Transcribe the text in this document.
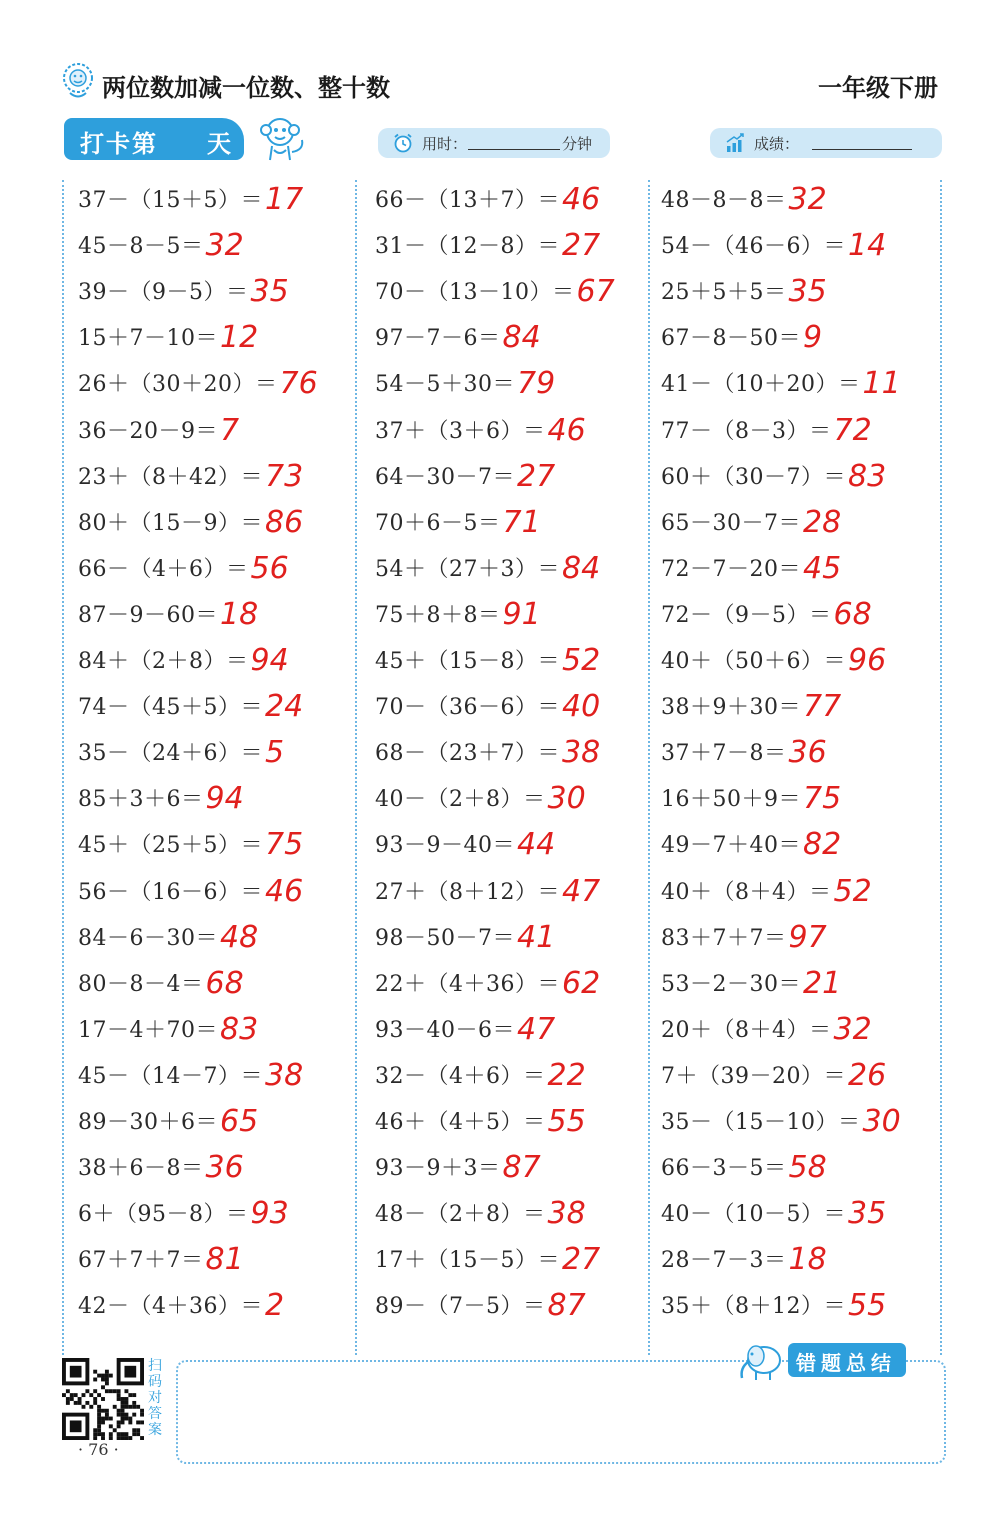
两位数加减一位数、整十数	一年级下册
打卡第 天	用时：	分钟	成绩：
37－（15＋5）＝17
45－8－5＝32
39－（9－5）＝35
15＋7－10＝12
26＋（30＋20）＝76
36－20－9＝7
23＋（8＋42）＝73
80＋（15－9）＝86
66－（4＋6）＝56
87－9－60＝18
84＋（2＋8）＝94
74－（45＋5）＝24
35－（24＋6）＝5
85＋3＋6＝94
45＋（25＋5）＝75
56－（16－6）＝46
84－6－30＝48
80－8－4＝68
17－4＋70＝83
45－（14－7）＝38
89－30＋6＝65
38＋6－8＝36
6＋（95－8）＝93
67＋7＋7＝81
42－（4＋36）＝2
66－（13＋7）＝46
31－（12－8）＝27
70－（13－10）＝67
97－7－6＝84
54－5＋30＝79
37＋（3＋6）＝46
64－30－7＝27
70＋6－5＝71
54＋（27＋3）＝84
75＋8＋8＝91
45＋（15－8）＝52
70－（36－6）＝40
68－（23＋7）＝38
40－（2＋8）＝30
93－9－40＝44
27＋（8＋12）＝47
98－50－7＝41
22＋（4＋36）＝62
93－40－6＝47
32－（4＋6）＝22
46＋（4＋5）＝55
93－9＋3＝87
48－（2＋8）＝38
17＋（15－5）＝27
89－（7－5）＝87
48－8－8＝32
54－（46－6）＝14
25＋5＋5＝35
67－8－50＝9
41－（10＋20）＝11
77－（8－3）＝72
60＋（30－7）＝83
65－30－7＝28
72－7－20＝45
72－（9－5）＝68
40＋（50＋6）＝96
38＋9＋30＝77
37＋7－8＝36
16＋50＋9＝75
49－7＋40＝82
40＋（8＋4）＝52
83＋7＋7＝97
53－2－30＝21
20＋（8＋4）＝32
7＋（39－20）＝26
35－（15－10）＝30
66－3－5＝58
40－（10－5）＝35
28－7－3＝18
35＋（8＋12）＝55
错题总结
扫码对答案
· 76 ·
